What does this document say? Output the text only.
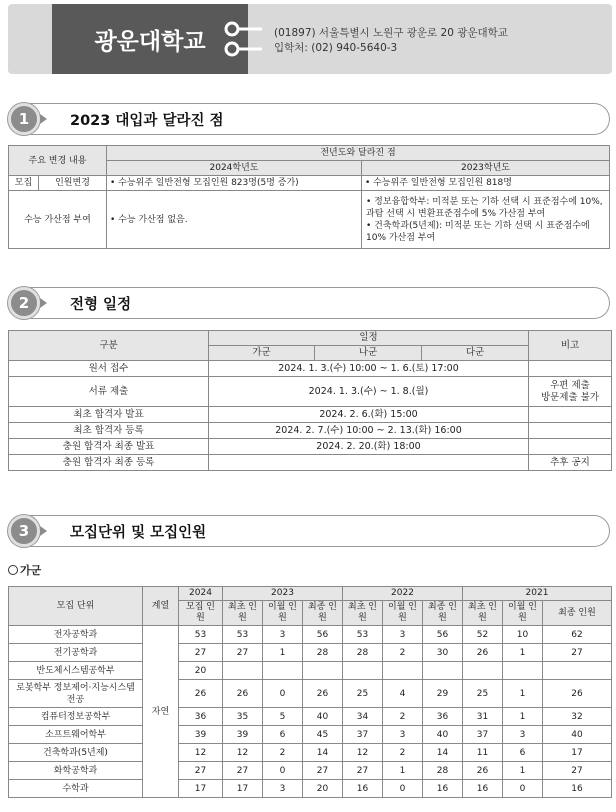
광운대학교	(01897) 서울특별시 노원구 광운로 20 광운대학교
입학처: (02) 940-5640-3
1	2023 대입과 달라진 점
주요 변경 내용		전년도와 달라진 점	
		2024학년도	2023학년도
모집	인원변경	• 수능위주 일반전형 모집인원 823명(5명 증가)	• 수능위주 일반전형 모집인원 818명
수능 가산점 부여		• 수능 가산점 없음.	• 정보융합학부: 미적분 또는 기하 선택 시 표준점수에 10%, 과탐 선택 시 변환표준점수에 5% 가산점 부여
• 건축학과(5년제): 미적분 또는 기하 선택 시 표준점수에 10% 가산점 부여
2	전형 일정
구분	일정			비고
	가군	나군	다군	
원서 접수	2024. 1. 3.(수) 10:00 ~ 1. 6.(토) 17:00			
서류 제출	2024. 1. 3.(수) ~ 1. 8.(월)			우편 제출
방문제출 불가

최초 합격자 발표	2024. 2. 6.(화) 15:00			
최초 합격자 등록	2024. 2. 7.(수) 10:00 ~ 2. 13.(화) 16:00			
충원 합격자 최종 발표	2024. 2. 20.(화) 18:00			
충원 합격자 최종 등록				추후 공지
3	모집단위 및 모집인원
가군
모집 단위	계열	2024	2023			2022			2021		
		모집 인원	최초 인원	이월 인원	최종 인원	최초 인원	이월 인원	최종 인원	최초 인원	이월 인원	최종 인원
전자공학과	자연	53	53	3	56	53	3	56	52	10	62
전기공학과		27	27	1	28	28	2	30	26	1	27
반도체시스템공학부		20									
로봇학부 정보제어·지능시스템전공		26	26	0	26	25	4	29	25	1	26
컴퓨터정보공학부		36	35	5	40	34	2	36	31	1	32
소프트웨어학부		39	39	6	45	37	3	40	37	3	40
건축학과(5년제)		12	12	2	14	12	2	14	11	6	17
화학공학과		27	27	0	27	27	1	28	26	1	27
수학과		17	17	3	20	16	0	16	16	0	16
